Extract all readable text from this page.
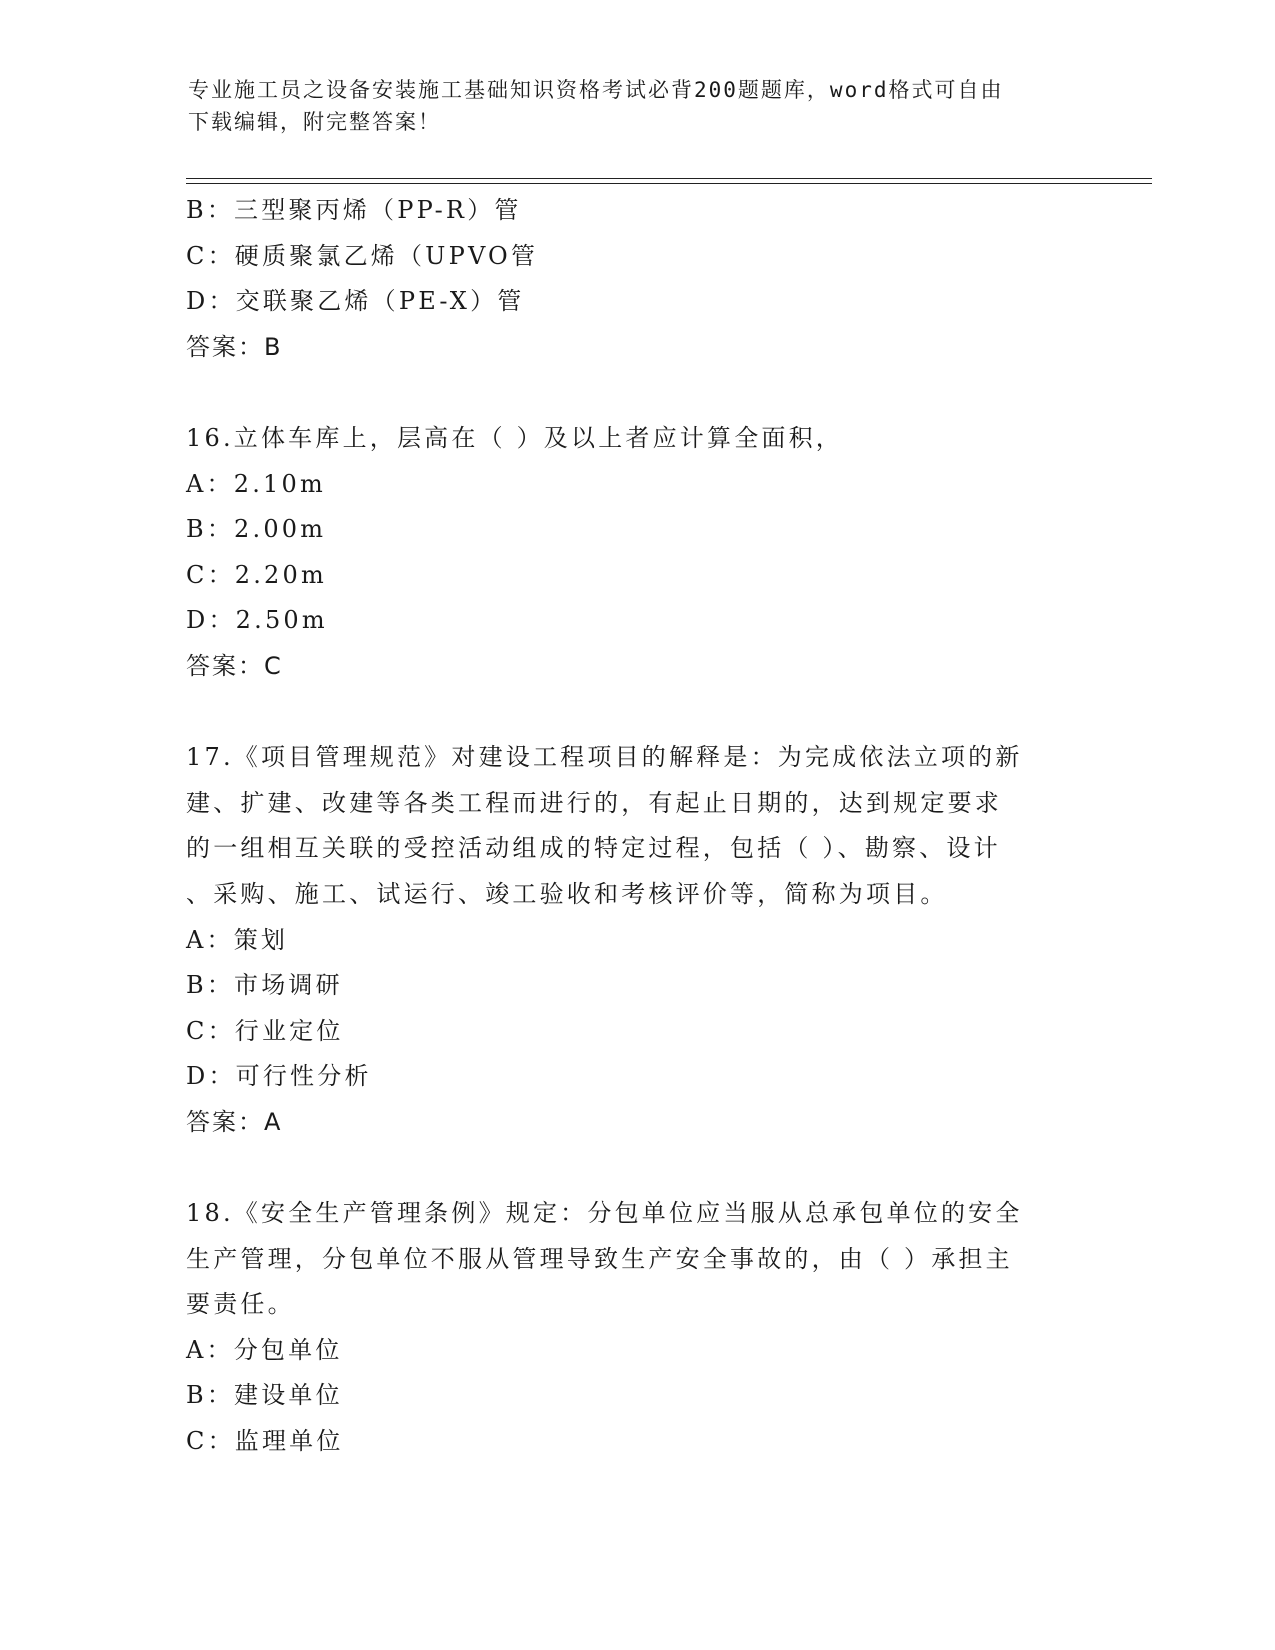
专业施工员之设备安装施工基础知识资格考试必背200题题库，word格式可自由
下载编辑，附完整答案！
B：三型聚丙烯（PP-R）管
C：硬质聚氯乙烯（UPVO管
D：交联聚乙烯（PE-X）管
答案：B
16.立体车库上，层高在（ ）及以上者应计算全面积，
A：2.10m
B：2.00m
C：2.20m
D：2.50m
答案：C
17.《项目管理规范》对建设工程项目的解释是：为完成依法立项的新
建、扩建、改建等各类工程而进行的，有起止日期的，达到规定要求
的一组相互关联的受控活动组成的特定过程，包括（ ）、勘察、设计
、采购、施工、试运行、竣工验收和考核评价等，简称为项目。
A：策划
B：市场调研
C：行业定位
D：可行性分析
答案：A
18.《安全生产管理条例》规定：分包单位应当服从总承包单位的安全
生产管理，分包单位不服从管理导致生产安全事故的，由（ ）承担主
要责任。
A：分包单位
B：建设单位
C：监理单位
